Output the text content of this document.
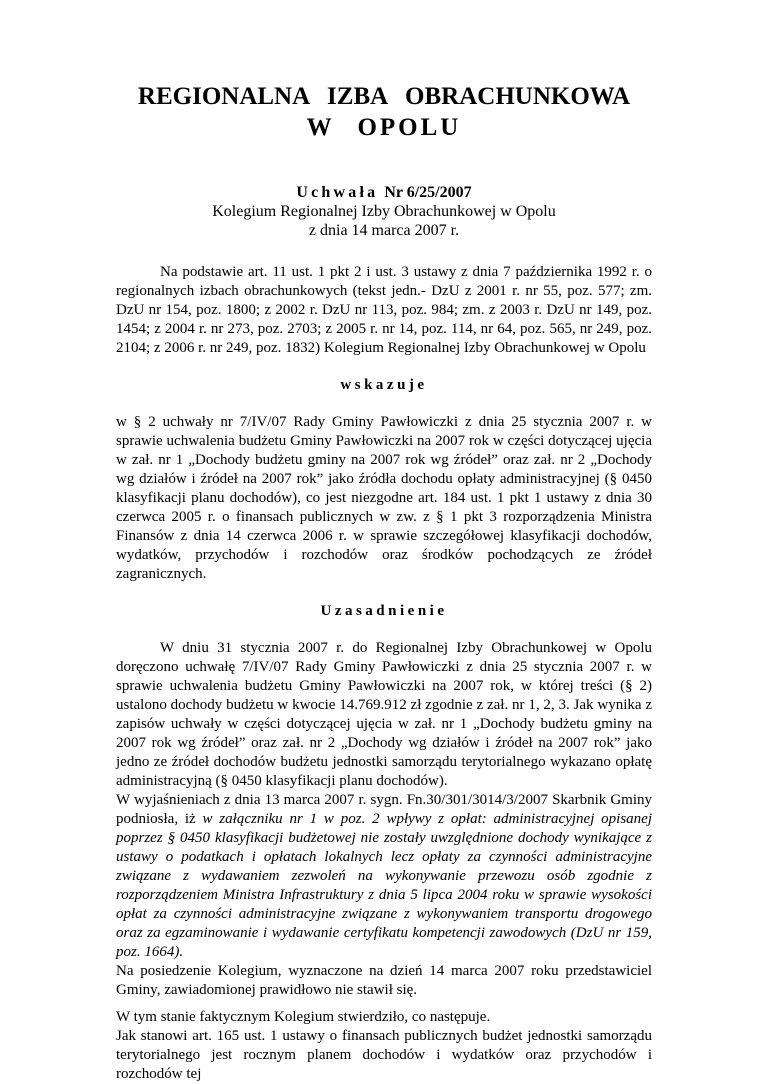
REGIONALNA IZBA OBRACHUNKOWA
W OPOLU
Uchwała Nr 6/25/2007
Kolegium Regionalnej Izby Obrachunkowej w Opolu
z dnia 14 marca 2007 r.

Na podstawie art. 11 ust. 1 pkt 2 i ust. 3 ustawy z dnia 7 października 1992 r. o regionalnych izbach obrachunkowych (tekst jedn.- DzU z 2001 r. nr 55, poz. 577; zm. DzU nr 154, poz. 1800; z 2002 r. DzU nr 113, poz. 984; zm. z 2003 r. DzU nr 149, poz. 1454; z 2004 r. nr 273, poz. 2703; z 2005 r. nr 14, poz. 114, nr 64, poz. 565, nr 249, poz. 2104; z 2006 r. nr 249, poz. 1832) Kolegium Regionalnej Izby Obrachunkowej w Opolu

wskazuje

w § 2 uchwały nr 7/IV/07 Rady Gminy Pawłowiczki z dnia 25 stycznia 2007 r. w sprawie uchwalenia budżetu Gminy Pawłowiczki na 2007 rok w części dotyczącej ujęcia w zał. nr 1 „Dochody budżetu gminy na 2007 rok wg źródeł” oraz zał. nr 2 „Dochody wg działów i źródeł na 2007 rok” jako źródła dochodu opłaty administracyjnej (§ 0450 klasyfikacji planu dochodów), co jest niezgodne art. 184 ust. 1 pkt 1 ustawy z dnia 30 czerwca 2005 r. o finansach publicznych w zw. z § 1 pkt 3 rozporządzenia Ministra Finansów z dnia 14 czerwca 2006 r. w sprawie szczegółowej klasyfikacji dochodów, wydatków, przychodów i rozchodów oraz środków pochodzących ze źródeł zagranicznych.

Uzasadnienie

W dniu 31 stycznia 2007 r. do Regionalnej Izby Obrachunkowej w Opolu doręczono uchwałę 7/IV/07 Rady Gminy Pawłowiczki z dnia 25 stycznia 2007 r. w sprawie uchwalenia budżetu Gminy Pawłowiczki na 2007 rok, w której treści (§ 2) ustalono dochody budżetu w kwocie 14.769.912 zł zgodnie z zał. nr 1, 2, 3. Jak wynika z zapisów uchwały w części dotyczącej ujęcia w zał. nr 1 „Dochody budżetu gminy na 2007 rok wg źródeł” oraz zał. nr 2 „Dochody wg działów i źródeł na 2007 rok” jako jedno ze źródeł dochodów budżetu jednostki samorządu terytorialnego wykazano opłatę administracyjną (§ 0450 klasyfikacji planu dochodów).

W wyjaśnieniach z dnia 13 marca 2007 r. sygn. Fn.30/301/3014/3/2007 Skarbnik Gminy podniosła, iż w załączniku nr 1 w poz. 2 wpływy z opłat: administracyjnej opisanej poprzez § 0450 klasyfikacji budżetowej nie zostały uwzględnione dochody wynikające z ustawy o podatkach i opłatach lokalnych lecz opłaty za czynności administracyjne związane z wydawaniem zezwoleń na wykonywanie przewozu osób zgodnie z rozporządzeniem Ministra Infrastruktury z dnia 5 lipca 2004 roku w sprawie wysokości opłat za czynności administracyjne związane z wykonywaniem transportu drogowego oraz za egzaminowanie i wydawanie certyfikatu kompetencji zawodowych (DzU nr 159, poz. 1664).

Na posiedzenie Kolegium, wyznaczone na dzień 14 marca 2007 roku przedstawiciel Gminy, zawiadomionej prawidłowo nie stawił się.

W tym stanie faktycznym Kolegium stwierdziło, co następuje.

Jak stanowi art. 165 ust. 1 ustawy o finansach publicznych budżet jednostki samorządu terytorialnego jest rocznym planem dochodów i wydatków oraz przychodów i rozchodów tej
